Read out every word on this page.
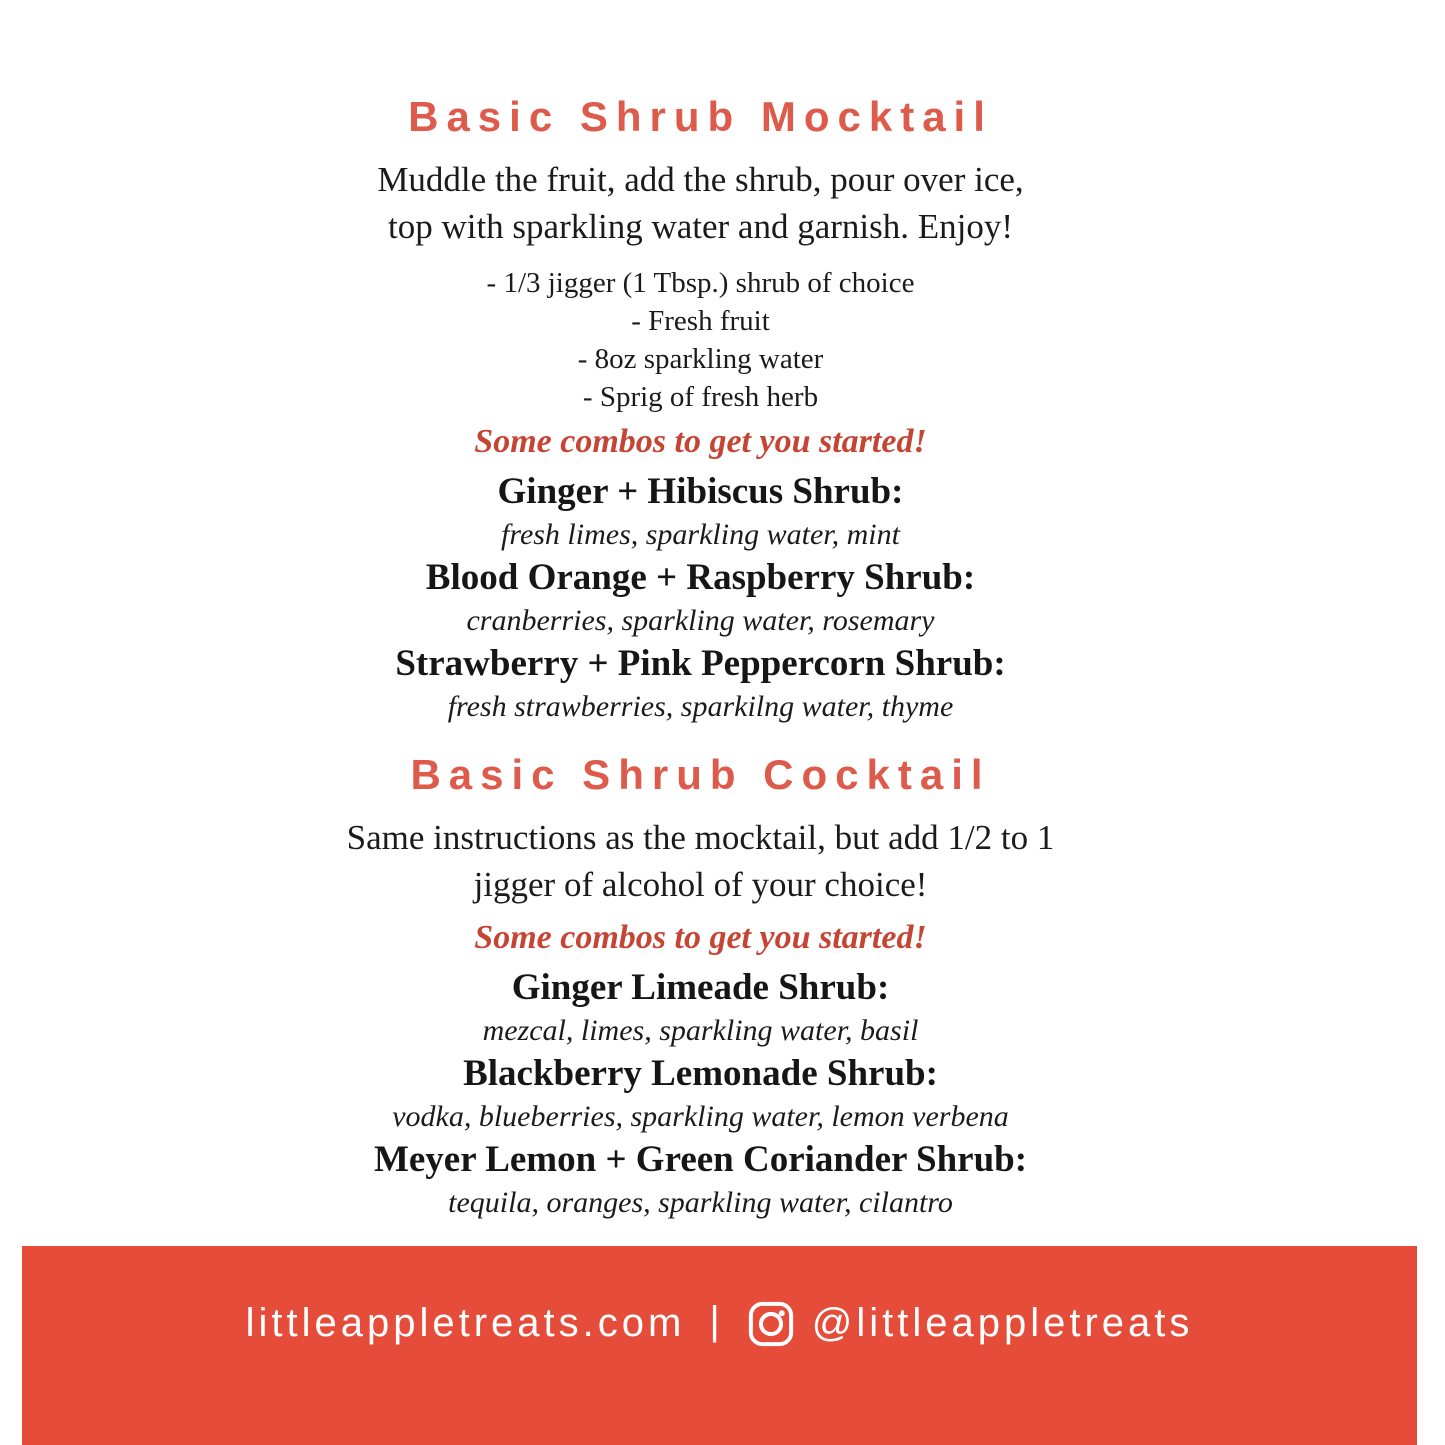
Basic Shrub Mocktail
Muddle the fruit, add the shrub, pour over ice,
top with sparkling water and garnish. Enjoy!
- 1/3 jigger (1 Tbsp.) shrub of choice
- Fresh fruit
- 8oz sparkling water
- Sprig of fresh herb
Some combos to get you started!
Ginger + Hibiscus Shrub:
fresh limes, sparkling water, mint
Blood Orange + Raspberry Shrub:
cranberries, sparkling water, rosemary
Strawberry + Pink Peppercorn Shrub:
fresh strawberries, sparkilng water, thyme
Basic Shrub Cocktail
Same instructions as the mocktail, but add 1/2 to 1
jigger of alcohol of your choice!
Some combos to get you started!
Ginger Limeade Shrub:
mezcal, limes, sparkling water, basil
Blackberry Lemonade Shrub:
vodka, blueberries, sparkling water, lemon verbena
Meyer Lemon + Green Coriander Shrub:
tequila, oranges, sparkling water, cilantro
littleappletreats.com | @littleappletreats
